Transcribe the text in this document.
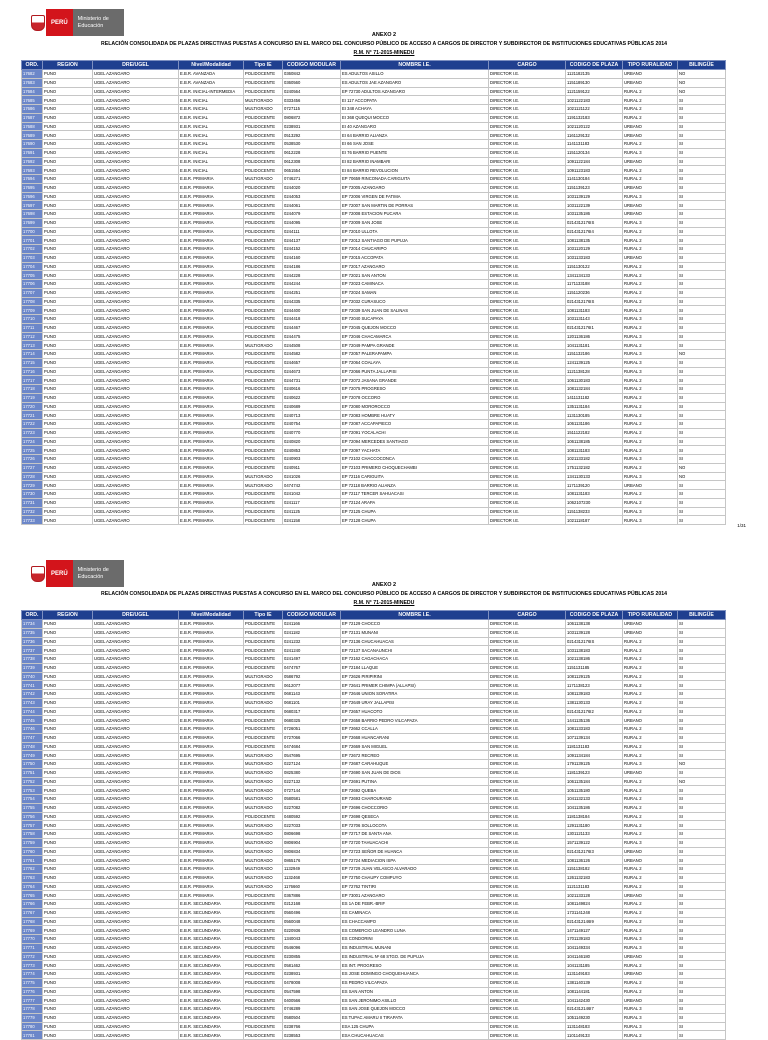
PERÚ
Ministerio de Educación
ANEXO 2
RELACIÓN CONSOLIDADA DE PLAZAS DIRECTIVAS PUESTAS A CONCURSO EN EL MARCO DEL CONCURSO PÚBLICO DE ACCESO A CARGOS DE DIRECTOR Y SUBDIRECTOR DE INSTITUCIONES EDUCATIVAS PÚBLICAS 2014
R.M. N° 71-2015-MINEDU
ORD.	REGION	DRE/UGEL	Nivel/Modalidad	Tipo IE	CODIGO MODULAR	NOMBRE I.E.	CARGO	CODIGO DE PLAZA	TIPO RURALIDAD	BILINGÜE
17682	PUNO	UGEL AZANGARO	E.B.R. AVANZADA	POLIDOCENTE	0360842	ES ADULTOS ASILLO	DIRECTOR I.E.	1121182135	URBANO	NO
17683	PUNO	UGEL AZANGARO	E.B.R. AVANZADA	POLIDOCENTE	0360560	ES ADULTOS JAE AZANGARO	DIRECTOR I.E.	1151189130	URBANO	NO
17684	PUNO	UGEL AZANGARO	E.B.R. INICIAL-INTERMEDIA	POLIDOCENTE	0240564	EP 72730 ADULTOS AZANGARO	DIRECTOR I.E.	1121159122	RURAL 2	NO
17685	PUNO	UGEL AZANGARO	E.B.R. INICIAL	MULTIGRADO	0333456	EI 117 ACCOPATA	DIRECTOR I.E.	1021122183	RURAL 2	SI
17686	PUNO	UGEL AZANGARO	E.B.R. INICIAL	MULTIGRADO	0727115	EI 348 ACHAYA	DIRECTOR I.E.	1021121122	RURAL 2	SI
17687	PUNO	UGEL AZANGARO	E.B.R. INICIAL	POLIDOCENTE	0806872	EI 368 QUEQUI MOCCO	DIRECTOR I.E.	1191132183	RURAL 2	SI
17688	PUNO	UGEL AZANGARO	E.B.R. INICIAL	POLIDOCENTE	0238931	EI 40 AZANGARO	DIRECTOR I.E.	1021120122	URBANO	SI
17689	PUNO	UGEL AZANGARO	E.B.R. INICIAL	POLIDOCENTE	0513292	EI 64 BARRIO ALIANZA	DIRECTOR I.E.	1161129132	URBANO	SI
17690	PUNO	UGEL AZANGARO	E.B.R. INICIAL	POLIDOCENTE	0538530	EI 66 SAN JOSE	DIRECTOR I.E.	1141131183	RURAL 2	SI
17691	PUNO	UGEL AZANGARO	E.B.R. INICIAL	POLIDOCENTE	0612228	EI 76 BARRIO PUENTE	DIRECTOR I.E.	1151120134	RURAL 3	SI
17692	PUNO	UGEL AZANGARO	E.B.R. INICIAL	POLIDOCENTE	0612308	EI 82 BARRIO INAMBARI	DIRECTOR I.E.	1091122184	URBANO	SI
17693	PUNO	UGEL AZANGARO	E.B.R. INICIAL	POLIDOCENTE	0651554	EI 84 BARRIO REVOLUCION	DIRECTOR I.E.	1091123183	RURAL 2	SI
17694	PUNO	UGEL AZANGARO	E.B.R. PRIMARIA	MULTIGRADO	0746271	EP 70659 RINCONADA CARIGUITA	DIRECTOR I.E.	1141130184	RURAL 2	SI
17695	PUNO	UGEL AZANGARO	E.B.R. PRIMARIA	POLIDOCENTE	0244020	EP 72005 AZANGARO	DIRECTOR I.E.	1151139123	URBANO	SI
17696	PUNO	UGEL AZANGARO	E.B.R. PRIMARIA	POLIDOCENTE	0244053	EP 72006 VIRGEN DE FATIMA	DIRECTOR I.E.	1031139129	RURAL 3	SI
17697	PUNO	UGEL AZANGARO	E.B.R. PRIMARIA	POLIDOCENTE	0244061	EP 72007 SAN MARTIN DE PORRAS	DIRECTOR I.E.	1031122139	URBANO	SI
17698	PUNO	UGEL AZANGARO	E.B.R. PRIMARIA	POLIDOCENTE	0244079	EP 72008 ESTACION PUCARA	DIRECTOR I.E.	1031135186	URBANO	SI
17699	PUNO	UGEL AZANGARO	E.B.R. PRIMARIA	POLIDOCENTE	0244095	EP 72009 SAN JOSE	DIRECTOR I.E.	0214312176IS	RURAL 3	SI
17700	PUNO	UGEL AZANGARO	E.B.R. PRIMARIA	POLIDOCENTE	0244111	EP 72010 ULLOTA	DIRECTOR I.E.	0214312176I4	RURAL 2	SI
17701	PUNO	UGEL AZANGARO	E.B.R. PRIMARIA	POLIDOCENTE	0244137	EP 72012 SANTIAGO DE PUPUJA	DIRECTOR I.E.	1081138135	RURAL 2	SI
17702	PUNO	UGEL AZANGARO	E.B.R. PRIMARIA	POLIDOCENTE	0244152	EP 72014 CHUCARIPO	DIRECTOR I.E.	1031120129	RURAL 2	SI
17703	PUNO	UGEL AZANGARO	E.B.R. PRIMARIA	POLIDOCENTE	0244160	EP 72015 ACCOPATA	DIRECTOR I.E.	1031133183	URBANO	SI
17704	PUNO	UGEL AZANGARO	E.B.R. PRIMARIA	POLIDOCENTE	0244186	EP 72017 AZANGARO	DIRECTOR I.E.	1151130122	RURAL 2	SI
17705	PUNO	UGEL AZANGARO	E.B.R. PRIMARIA	POLIDOCENTE	0244228	EP 72021 SAN ANTON	DIRECTOR I.E.	1341134133	RURAL 2	SI
17706	PUNO	UGEL AZANGARO	E.B.R. PRIMARIA	POLIDOCENTE	0244244	EP 72023 CAMINACA	DIRECTOR I.E.	1171133188	RURAL 2	SI
17707	PUNO	UGEL AZANGARO	E.B.R. PRIMARIA	POLIDOCENTE	0244251	EP 72024 SAMAN	DIRECTOR I.E.	1151120236	RURAL 2	SI
17708	PUNO	UGEL AZANGARO	E.B.R. PRIMARIA	POLIDOCENTE	0244335	EP 72032 CURASUCO	DIRECTOR I.E.	0214312176IS	RURAL 2	SI
17709	PUNO	UGEL AZANGARO	E.B.R. PRIMARIA	POLIDOCENTE	0244400	EP 72039 SAN JUAN DE SALINAS	DIRECTOR I.E.	1081131183	RURAL 2	SI
17710	PUNO	UGEL AZANGARO	E.B.R. PRIMARIA	POLIDOCENTE	0244418	EP 72040 SUCAPAYA	DIRECTOR I.E.	1031131143	RURAL 3	SI
17711	PUNO	UGEL AZANGARO	E.B.R. PRIMARIA	POLIDOCENTE	0244467	EP 72045 QUEJON MOCCO	DIRECTOR I.E.	0214312176I1	RURAL 2	SI
17712	PUNO	UGEL AZANGARO	E.B.R. PRIMARIA	POLIDOCENTE	0244475	EP 72046 CHACAMARCA	DIRECTOR I.E.	1201136186	RURAL 3	SI
17713	PUNO	UGEL AZANGARO	E.B.R. PRIMARIA	MULTIGRADO	0244508	EP 72049 PAMPA GRANDE	DIRECTOR I.E.	1041131181	RURAL 2	SI
17714	PUNO	UGEL AZANGARO	E.B.R. PRIMARIA	POLIDOCENTE	0244582	EP 72057 PALERAPAMPA	DIRECTOR I.E.	1151132186	RURAL 3	NO
17715	PUNO	UGEL AZANGARO	E.B.R. PRIMARIA	POLIDOCENTE	0244657	EP 72064 COALAYA	DIRECTOR I.E.	1241139125	RURAL 3	SI
17716	PUNO	UGEL AZANGARO	E.B.R. PRIMARIA	POLIDOCENTE	0244673	EP 72066 PUNTA JALLAPISI	DIRECTOR I.E.	1121138128	RURAL 3	SI
17717	PUNO	UGEL AZANGARO	E.B.R. PRIMARIA	POLIDOCENTE	0244731	EP 72072 JASANA GRANDE	DIRECTOR I.E.	1061130183	RURAL 2	SI
17718	PUNO	UGEL AZANGARO	E.B.R. PRIMARIA	POLIDOCENTE	0240616	EP 72075 PROGRESO	DIRECTOR I.E.	1081132184	RURAL 2	SI
17719	PUNO	UGEL AZANGARO	E.B.R. PRIMARIA	POLIDOCENTE	0240622	EP 72078 OCCORO	DIRECTOR I.E.	1411131182	RURAL 2	SI
17720	PUNO	UGEL AZANGARO	E.B.R. PRIMARIA	POLIDOCENTE	0240689	EP 72080 MOROROCCO	DIRECTOR I.E.	1351131184	RURAL 2	SI
17721	PUNO	UGEL AZANGARO	E.B.R. PRIMARIA	POLIDOCENTE	0240713	EP 72083 HOMBRE HUATY	DIRECTOR I.E.	1131130185	RURAL 2	SI
17722	PUNO	UGEL AZANGARO	E.B.R. PRIMARIA	POLIDOCENTE	0240754	EP 72087 ACCAPAPIECO	DIRECTOR I.E.	1061131186	RURAL 2	SI
17723	PUNO	UGEL AZANGARO	E.B.R. PRIMARIA	POLIDOCENTE	0240770	EP 72091 YOCALACHI	DIRECTOR I.E.	1511122182	RURAL 2	SI
17724	PUNO	UGEL AZANGARO	E.B.R. PRIMARIA	POLIDOCENTE	0240820	EP 72094 MERCEDES SANTIAGO	DIRECTOR I.E.	1061138185	RURAL 2	SI
17725	PUNO	UGEL AZANGARO	E.B.R. PRIMARIA	POLIDOCENTE	0240853	EP 72097 YACHATA	DIRECTOR I.E.	1081131183	RURAL 2	SI
17726	PUNO	UGEL AZANGARO	E.B.R. PRIMARIA	POLIDOCENTE	0240903	EP 72102 CHACCOCONCA	DIRECTOR I.E.	1021133182	RURAL 3	SI
17727	PUNO	UGEL AZANGARO	E.B.R. PRIMARIA	POLIDOCENTE	0240911	EP 72103 PRIMERO CHOQUECHAMBI	DIRECTOR I.E.	1751132182	RURAL 2	NO
17728	PUNO	UGEL AZANGARO	E.B.R. PRIMARIA	MULTIGRADO	0241026	EP 72116 CARIGUITA	DIRECTOR I.E.	1341130133	RURAL 3	NO
17729	PUNO	UGEL AZANGARO	E.B.R. PRIMARIA	MULTIGRADO	0474742	EP 72118 BARRIO ALIANZA	DIRECTOR I.E.	1171139120	URBANO	SI
17730	PUNO	UGEL AZANGARO	E.B.R. PRIMARIA	POLIDOCENTE	0241042	EP 72117 TERCER SAHUACASI	DIRECTOR I.E.	1081131183	RURAL 2	SI
17731	PUNO	UGEL AZANGARO	E.B.R. PRIMARIA	POLIDOCENTE	0241117	EP 72124 ARAPA	DIRECTOR I.E.	1062107230	RURAL 2	SI
17732	PUNO	UGEL AZANGARO	E.B.R. PRIMARIA	POLIDOCENTE	0241125	EP 72125 CHUPA	DIRECTOR I.E.	1151138233	RURAL 3	SI
17733	PUNO	UGEL AZANGARO	E.B.R. PRIMARIA	POLIDOCENTE	0241158	EP 72128 CHUPA	DIRECTOR I.E.	1021118187	RURAL 3	SI
1/31
PERÚ
Ministerio de Educación
ANEXO 2
RELACIÓN CONSOLIDADA DE PLAZAS DIRECTIVAS PUESTAS A CONCURSO EN EL MARCO DEL CONCURSO PÚBLICO DE ACCESO A CARGOS DE DIRECTOR Y SUBDIRECTOR DE INSTITUCIONES EDUCATIVAS PÚBLICAS 2014
R.M. N° 71-2015-MINEDU
ORD.	REGION	DRE/UGEL	Nivel/Modalidad	Tipo IE	CODIGO MODULAR	NOMBRE I.E.	CARGO	CODIGO DE PLAZA	TIPO RURALIDAD	BILINGÜE
17734	PUNO	UGEL AZANGARO	E.B.R. PRIMARIA	POLIDOCENTE	0241166	EP 72129 CHOCCO	DIRECTOR I.E.	1061138138	URBANO	SI
17735	PUNO	UGEL AZANGARO	E.B.R. PRIMARIA	POLIDOCENTE	0241182	EP 72131 MUNANI	DIRECTOR I.E.	1031139128	URBANO	SI
17736	PUNO	UGEL AZANGARO	E.B.R. PRIMARIA	POLIDOCENTE	0241232	EP 72136 CHUCAHUACAS	DIRECTOR I.E.	0214312176IS	RURAL 2	SI
17737	PUNO	UGEL AZANGARO	E.B.R. PRIMARIA	POLIDOCENTE	0241240	EP 72137 SACANAUNCHI	DIRECTOR I.E.	1031138183	RURAL 2	SI
17738	PUNO	UGEL AZANGARO	E.B.R. PRIMARIA	POLIDOCENTE	0241497	EP 72162 CAGACHACA	DIRECTOR I.E.	1021138186	RURAL 2	SI
17739	PUNO	UGEL AZANGARO	E.B.R. PRIMARIA	POLIDOCENTE	0474767	EP 72184 LLAQUE	DIRECTOR I.E.	1151131185	RURAL 2	SI
17740	PUNO	UGEL AZANGARO	E.B.R. PRIMARIA	MULTIGRADO	0586792	EP 72626 PIRIPIRINI	DIRECTOR I.E.	1081129125	RURAL 2	SI
17741	PUNO	UGEL AZANGARO	E.B.R. PRIMARIA	POLIDOCENTE	0612077	EP 72641 PRIMER CHIMPA (ALLAPSI)	DIRECTOR I.E.	1171138123	RURAL 2	SI
17742	PUNO	UGEL AZANGARO	E.B.R. PRIMARIA	POLIDOCENTE	0681143	EP 72646 UNION SORATIRA	DIRECTOR I.E.	1081139183	RURAL 2	SI
17743	PUNO	UGEL AZANGARO	E.B.R. PRIMARIA	MULTIGRADO	0681101	EP 72649 URAY JALLAPISI	DIRECTOR I.E.	1381130133	RURAL 2	SI
17744	PUNO	UGEL AZANGARO	E.B.R. PRIMARIA	POLIDOCENTE	0680317	EP 72657 HUACOTO	DIRECTOR I.E.	0214312176I2	RURAL 2	SI
17745	PUNO	UGEL AZANGARO	E.B.R. PRIMARIA	POLIDOCENTE	0680325	EP 72658 BARRIO PEDRO VILCAPAZA	DIRECTOR I.E.	1441135136	URBANO	SI
17746	PUNO	UGEL AZANGARO	E.B.R. PRIMARIA	POLIDOCENTE	0726051	EP 72662 CCALLA	DIRECTOR I.E.	1081133183	RURAL 2	SI
17747	PUNO	UGEL AZANGARO	E.B.R. PRIMARIA	POLIDOCENTE	0727066	EP 72668 HUANCARANI	DIRECTOR I.E.	1071139134	RURAL 2	SI
17748	PUNO	UGEL AZANGARO	E.B.R. PRIMARIA	POLIDOCENTE	0474684	EP 72669 SAN MIGUEL	DIRECTOR I.E.	1181131183	RURAL 2	SI
17749	PUNO	UGEL AZANGARO	E.B.R. PRIMARIA	MULTIGRADO	0547695	EP 72672 RECREO	DIRECTOR I.E.	1091134184	RURAL 2	SI
17750	PUNO	UGEL AZANGARO	E.B.R. PRIMARIA	MULTIGRADO	0227124	EP 72687 CARAHUQUE	DIRECTOR I.E.	1791139125	RURAL 3	NO
17751	PUNO	UGEL AZANGARO	E.B.R. PRIMARIA	MULTIGRADO	0825380	EP 72690 SAN JUAN DE DIOS	DIRECTOR I.E.	1181139123	URBANO	SI
17752	PUNO	UGEL AZANGARO	E.B.R. PRIMARIA	MULTIGRADO	0227132	EP 72691 PUTINA	DIRECTOR I.E.	1061135184	RURAL 2	NO
17753	PUNO	UGEL AZANGARO	E.B.R. PRIMARIA	MULTIGRADO	0727144	EP 72692 QUEBA	DIRECTOR I.E.	1051135180	RURAL 2	SI
17754	PUNO	UGEL AZANGARO	E.B.R. PRIMARIA	MULTIGRADO	0580581	EP 72693 CHAROURAND	DIRECTOR I.E.	1041132133	RURAL 2	SI
17755	PUNO	UGEL AZANGARO	E.B.R. PRIMARIA	MULTIGRADO	0227082	EP 72696 CHOCCORIO	DIRECTOR I.E.	1041135186	RURAL 2	SI
17756	PUNO	UGEL AZANGARO	E.B.R. PRIMARIA	POLIDOCENTE	0480592	EP 72698 QESECA	DIRECTOR I.E.	1181138184	RURAL 2	SI
17757	PUNO	UGEL AZANGARO	E.B.R. PRIMARIA	MULTIGRADO	0227033	EP 72706 SOLLOCOTA	DIRECTOR I.E.	1291131180	RURAL 2	SI
17758	PUNO	UGEL AZANGARO	E.B.R. PRIMARIA	MULTIGRADO	0806698	EP 72717 DE SANTA ANA	DIRECTOR I.E.	1301121133	RURAL 2	SI
17759	PUNO	UGEL AZANGARO	E.B.R. PRIMARIA	MULTIGRADO	0806904	EP 72720 TAHUACACHI	DIRECTOR I.E.	1571139122	RURAL 3	SI
17760	PUNO	UGEL AZANGARO	E.B.R. PRIMARIA	MULTIGRADO	0806834	EP 72723 SEÑOR DE HUANCA	DIRECTOR I.E.	0214312176I3	URBANO	SI
17761	PUNO	UGEL AZANGARO	E.B.R. PRIMARIA	MULTIGRADO	0865176	EP 72724 MEDIACION ISPA	DIRECTOR I.E.	1081136126	URBANO	SI
17762	PUNO	UGEL AZANGARO	E.B.R. PRIMARIA	MULTIGRADO	1132949	EP 72729 JUAN VELASCO ALVARADO	DIRECTOR I.E.	1151138182	RURAL 2	SI
17763	PUNO	UGEL AZANGARO	E.B.R. PRIMARIA	MULTIGRADO	1132468	EP 72750 CHAUPY COMPUYO	DIRECTOR I.E.	1261132183	RURAL 2	SI
17764	PUNO	UGEL AZANGARO	E.B.R. PRIMARIA	MULTIGRADO	1176660	EP 72762 TINTIRI	DIRECTOR I.E.	1121131183	RURAL 2	SI
17765	PUNO	UGEL AZANGARO	E.B.R. PRIMARIA	POLIDOCENTE	0367886	EP 73001 AZANGARO	DIRECTOR I.E.	1021133128	URBANO	SI
17766	PUNO	UGEL AZANGARO	E.B.R. SECUNDARIA	POLIDOCENTE	0212168	ES 1A DE FEBR.-BRIF	DIRECTOR I.E.	1081149824	RURAL 2	SI
17767	PUNO	UGEL AZANGARO	E.B.R. SECUNDARIA	POLIDOCENTE	0560496	ES CAMINACA	DIRECTOR I.E.	1731141248	RURAL 2	SI
17768	PUNO	UGEL AZANGARO	E.B.R. SECUNDARIA	POLIDOCENTE	0560048	ES CHACCAMPO	DIRECTOR I.E.	0214312146I9	RURAL 2	SI
17769	PUNO	UGEL AZANGARO	E.B.R. SECUNDARIA	POLIDOCENTE	0220936	ES COMERCIO LEANDRO LUNA	DIRECTOR I.E.	1471149127	RURAL 2	SI
17770	PUNO	UGEL AZANGARO	E.B.R. SECUNDARIA	POLIDOCENTE	1340043	ES CONDORINI	DIRECTOR I.E.	1701139183	RURAL 3	SI
17771	PUNO	UGEL AZANGARO	E.B.R. SECUNDARIA	POLIDOCENTE	0546096	ES INDUSTRIAL MUNANI	DIRECTOR I.E.	1041149334	RURAL 3	SI
17772	PUNO	UGEL AZANGARO	E.B.R. SECUNDARIA	POLIDOCENTE	0230855	ES INDUSTRIAL Nº 68 STGO. DE PUPUJA	DIRECTOR I.E.	1041146180	URBANO	SI
17773	PUNO	UGEL AZANGARO	E.B.R. SECUNDARIA	POLIDOCENTE	0581462	ES INT. PROGRESO	DIRECTOR I.E.	1041131185	RURAL 2	SI
17774	PUNO	UGEL AZANGARO	E.B.R. SECUNDARIA	POLIDOCENTE	0238931	ES JOSE DOMINGO CHOQUEHUANCA	DIRECTOR I.E.	1131149183	URBANO	SI
17775	PUNO	UGEL AZANGARO	E.B.R. SECUNDARIA	POLIDOCENTE	0478008	ES PEDRO VILCAPAZA	DIRECTOR I.E.	1381140139	RURAL 2	SI
17776	PUNO	UGEL AZANGARO	E.B.R. SECUNDARIA	POLIDOCENTE	0547598	ES SAN ANTON	DIRECTOR I.E.	1081144181	RURAL 2	SI
17777	PUNO	UGEL AZANGARO	E.B.R. SECUNDARIA	POLIDOCENTE	0400566	ES SAN JERONIMO ASILLO	DIRECTOR I.E.	1041142430	URBANO	SI
17778	PUNO	UGEL AZANGARO	E.B.R. SECUNDARIA	POLIDOCENTE	0746289	ES SAN JOSE QUEJON MOCCO	DIRECTOR I.E.	0214312146I7	RURAL 3	SI
17779	PUNO	UGEL AZANGARO	E.B.R. SECUNDARIA	POLIDOCENTE	0580504	ES TUPAC AMARU II TIRAPATA	DIRECTOR I.E.	1051149230	RURAL 3	SI
17780	PUNO	UGEL AZANGARO	E.B.R. SECUNDARIA	POLIDOCENTE	0238766	ESA 125 CHUPA	DIRECTOR I.E.	1131148183	RURAL 3	SI
17781	PUNO	UGEL AZANGARO	E.B.R. SECUNDARIA	POLIDOCENTE	0238553	ESA CHUCAHUACAS	DIRECTOR I.E.	1101149133	RURAL 2	SI
